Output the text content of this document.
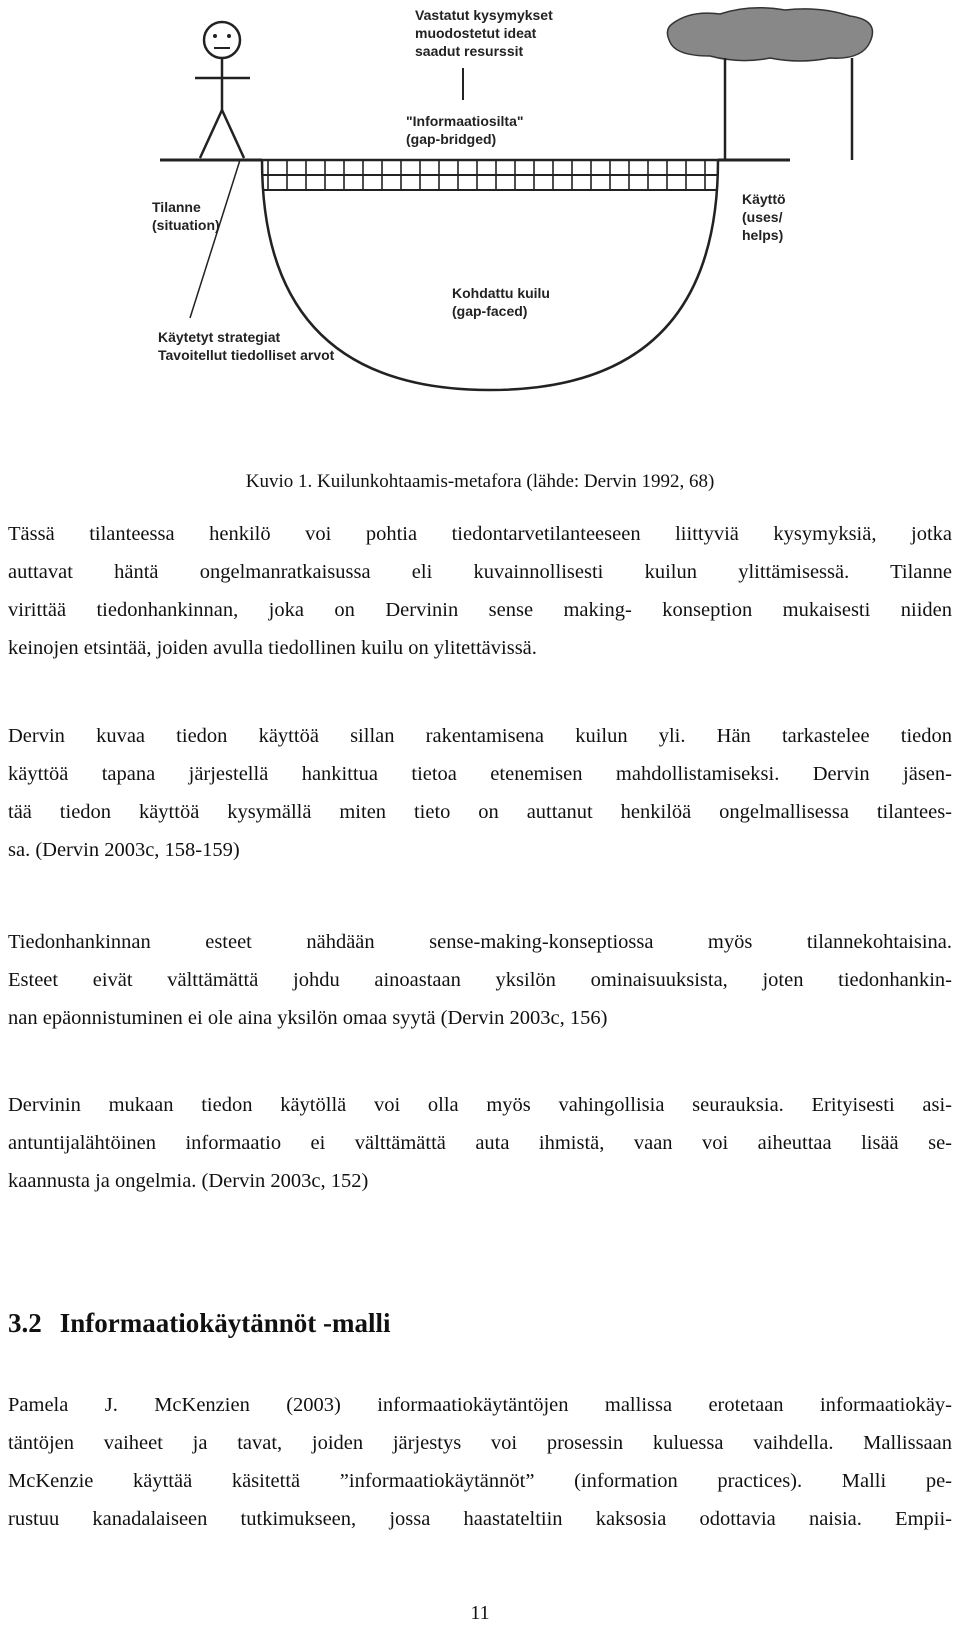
Vastatut kysymykset
muodostetut ideat
saadut resurssit
"Informaatiosilta"
(gap-bridged)
Tilanne
(situation)
Käyttö
(uses/
helps)
Kohdattu kuilu
(gap-faced)
Käytetyt strategiat
Tavoitellut tiedolliset arvot
Kuvio 1. Kuilunkohtaamis-metafora (lähde: Dervin 1992, 68)
Tässä tilanteessa henkilö voi pohtia tiedontarvetilanteeseen liittyviä kysymyksiä, jotka
auttavat häntä ongelmanratkaisussa eli kuvainnollisesti kuilun ylittämisessä. Tilanne
virittää tiedonhankinnan, joka on Dervinin sense making- konseption mukaisesti niiden
keinojen etsintää, joiden avulla tiedollinen kuilu on ylitettävissä.
Dervin kuvaa tiedon käyttöä sillan rakentamisena kuilun yli. Hän tarkastelee tiedon
käyttöä tapana järjestellä hankittua tietoa etenemisen mahdollistamiseksi. Dervin jäsen-
tää tiedon käyttöä kysymällä miten tieto on auttanut henkilöä ongelmallisessa tilantees-
sa. (Dervin 2003c, 158-159)
Tiedonhankinnan esteet nähdään sense-making-konseptiossa myös tilannekohtaisina.
Esteet eivät välttämättä johdu ainoastaan yksilön ominaisuuksista, joten tiedonhankin-
nan epäonnistuminen ei ole aina yksilön omaa syytä (Dervin 2003c, 156)
Dervinin mukaan tiedon käytöllä voi olla myös vahingollisia seurauksia. Erityisesti asi-
antuntijalähtöinen informaatio ei välttämättä auta ihmistä, vaan voi aiheuttaa lisää se-
kaannusta ja ongelmia. (Dervin 2003c, 152)
3.2 Informaatiokäytännöt -malli
Pamela J. McKenzien (2003) informaatiokäytäntöjen mallissa erotetaan informaatiokäy-
täntöjen vaiheet ja tavat, joiden järjestys voi prosessin kuluessa vaihdella. Mallissaan
McKenzie käyttää käsitettä ”informaatiokäytännöt” (information practices). Malli pe-
rustuu kanadalaiseen tutkimukseen, jossa haastateltiin kaksosia odottavia naisia. Empii-
11
